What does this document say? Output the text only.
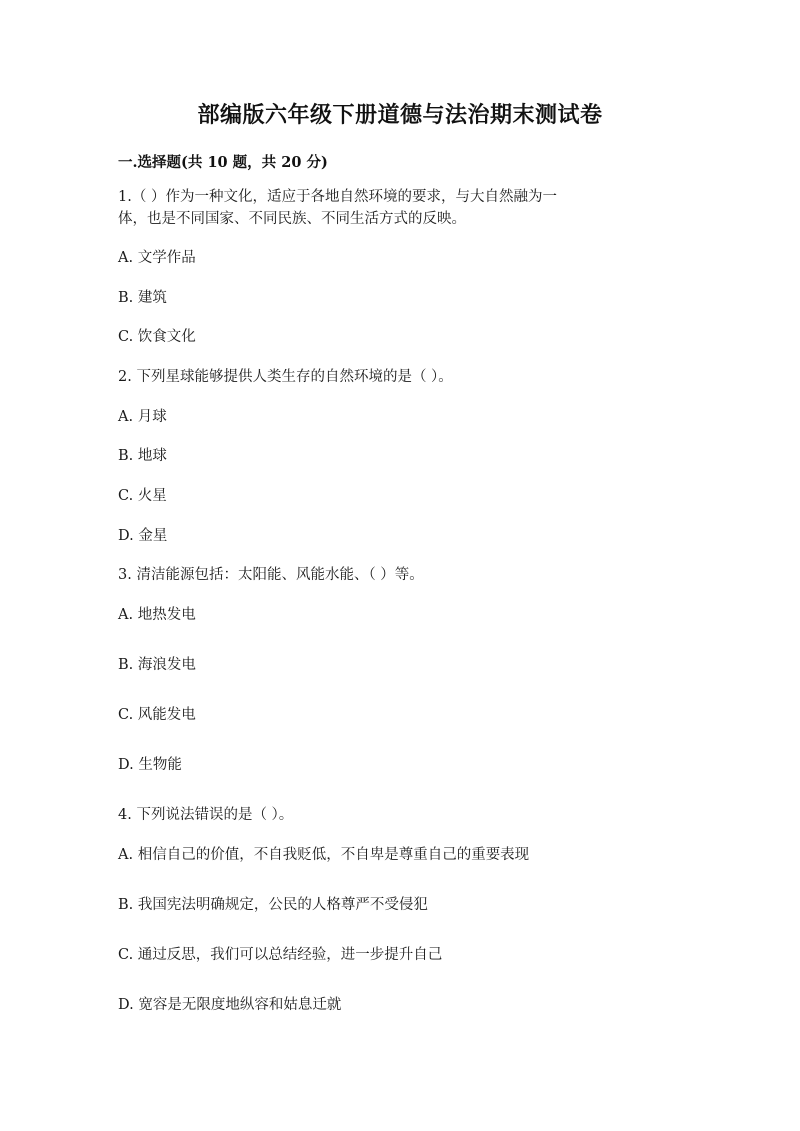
部编版六年级下册道德与法治期末测试卷
一.选择题(共 10 题，共 20 分)
1.（ ）作为一种文化，适应于各地自然环境的要求，与大自然融为一
体，也是不同国家、不同民族、不同生活方式的反映。
A. 文学作品
B. 建筑
C. 饮食文化
2. 下列星球能够提供人类生存的自然环境的是（ ）。
A. 月球
B. 地球
C. 火星
D. 金星
3. 清洁能源包括：太阳能、风能水能、（ ）等。
A. 地热发电
B. 海浪发电
C. 风能发电
D. 生物能
4. 下列说法错误的是（ ）。
A. 相信自己的价值，不自我贬低，不自卑是尊重自己的重要表现
B. 我国宪法明确规定，公民的人格尊严不受侵犯
C. 通过反思，我们可以总结经验，进一步提升自己
D. 宽容是无限度地纵容和姑息迁就
